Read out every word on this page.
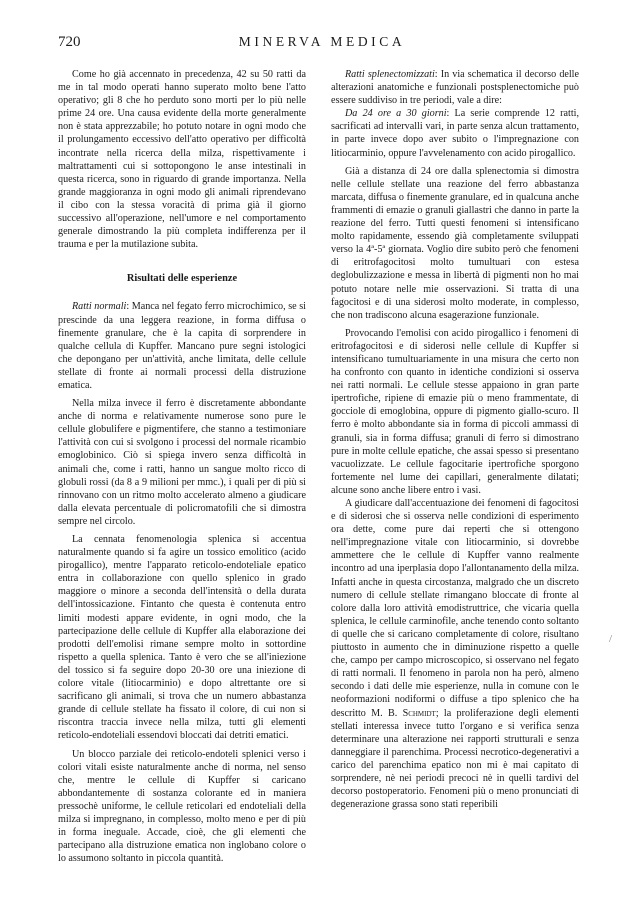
720	MINERVA MEDICA

Come ho già accennato in precedenza, 42 su 50 ratti da me in tal modo operati hanno superato molto bene l'atto operativo; gli 8 che ho perduto sono morti per lo più nelle prime 24 ore. Una causa evidente della morte generalmente non è stata apprezzabile; ho potuto notare in ogni modo che il prolungamento eccessivo dell'atto operativo per difficoltà incontrate nella ricerca della milza, rispettivamente i maltrattamenti cui si sottopongono le anse intestinali in questa ricerca, sono in riguardo di grande importanza. Nella grande maggioranza in ogni modo gli animali riprendevano il cibo con la stessa voracità di prima già il giorno successivo all'operazione, nell'umore e nel comportamento generale dimostrando la più completa indifferenza per il trauma e per la mutilazione subita.

Risultati delle esperienze

Ratti normali: Manca nel fegato ferro microchimico, se si prescinde da una leggera reazione, in forma diffusa o finemente granulare, che è la capita di sorprendere in qualche cellula di Kupffer. Mancano pure segni istologici che depongano per un'attività, anche limitata, delle cellule stellate di fronte ai normali processi della distruzione ematica.

Nella milza invece il ferro è discretamente abbondante anche di norma e relativamente numerose sono pure le cellule globulifere e pigmentifere, che stanno a testimoniare l'attività con cui si svolgono i processi del normale ricambio emoglobinico. Ciò si spiega invero senza difficoltà in animali che, come i ratti, hanno un sangue molto ricco di globuli rossi (da 8 a 9 milioni per mmc.), i quali per di più si rinnovano con un ritmo molto accelerato almeno a giudicare dalla elevata percentuale di policromatofili che si dimostra sempre nel circolo.

La cennata fenomenologia splenica si accentua naturalmente quando si fa agire un tossico emolitico (acido pirogallico), mentre l'apparato reticolo-endoteliale epatico entra in collaborazione con quello splenico in grado maggiore o minore a seconda dell'intensità o della durata dell'intossicazione. Fintanto che questa è contenuta entro limiti modesti appare evidente, in ogni modo, che la partecipazione delle cellule di Kupffer alla elaborazione dei prodotti dell'emolisi rimane sempre molto in sottordine rispetto a quella splenica. Tanto è vero che se all'iniezione del tossico si fa seguire dopo 20-30 ore una iniezione di colore vitale (litiocarminio) e dopo altrettante ore si sacrificano gli animali, si trova che un numero abbastanza grande di cellule stellate ha fissato il colore, di cui non si riscontra traccia invece nella milza, tutti gli elementi reticolo-endoteliali essendovi bloccati dai detriti ematici.

Un blocco parziale dei reticolo-endoteli splenici verso i colori vitali esiste naturalmente anche di norma, nel senso che, mentre le cellule di Kupffer si caricano abbondantemente di sostanza colorante ed in maniera pressochè uniforme, le cellule reticolari ed endoteliali della milza si impregnano, in complesso, molto meno e per di più in forma ineguale. Accade, cioè, che gli elementi che partecipano alla distruzione ematica non inglobano colore o lo assumono soltanto in piccola quantità.

Ratti splenectomizzati: In via schematica il decorso delle alterazioni anatomiche e funzionali postsplenectomiche può essere suddiviso in tre periodi, vale a dire:

Da 24 ore a 30 giorni: La serie comprende 12 ratti, sacrificati ad intervalli vari, in parte senza alcun trattamento, in parte invece dopo aver subito o l'impregnazione con litiocarminio, oppure l'avvelenamento con acido pirogallico.

Già a distanza di 24 ore dalla splenectomia si dimostra nelle cellule stellate una reazione del ferro abbastanza marcata, diffusa o finemente granulare, ed in qualcuna anche frammenti di emazie o granuli giallastri che danno in parte la reazione del ferro. Tutti questi fenomeni si intensificano molto rapidamente, essendo già completamente sviluppati verso la 4ª-5ª giornata. Voglio dire subito però che fenomeni di eritrofagocitosi molto tumultuari con estesa deglobulizzazione e messa in libertà di pigmenti non ho mai potuto notare nelle mie osservazioni. Si tratta di una fagocitosi e di una siderosi molto moderate, in complesso, che non tradiscono alcuna esagerazione funzionale.

Provocando l'emolisi con acido pirogallico i fenomeni di eritrofagocitosi e di siderosi nelle cellule di Kupffer si intensificano tumultuariamente in una misura che certo non ha confronto con quanto in identiche condizioni si osserva nei ratti normali. Le cellule stesse appaiono in gran parte ipertrofiche, ripiene di emazie più o meno frammentate, di gocciole di emoglobina, oppure di pigmento giallo-scuro. Il ferro è molto abbondante sia in forma di piccoli ammassi di granuli, sia in forma diffusa; granuli di ferro si dimostrano pure in molte cellule epatiche, che assai spesso si presentano vacuolizzate. Le cellule fagocitarie ipertrofiche sporgono fortemente nel lume dei capillari, generalmente dilatati; alcune sono anche libere entro i vasi.

A giudicare dall'accentuazione dei fenomeni di fagocitosi e di siderosi che si osserva nelle condizioni di esperimento ora dette, come pure dai reperti che si ottengono nell'impregnazione vitale con litiocarminio, si dovrebbe ammettere che le cellule di Kupffer vanno realmente incontro ad una iperplasia dopo l'allontanamento della milza. Infatti anche in questa circostanza, malgrado che un discreto numero di cellule stellate rimangano bloccate di fronte al colore dalla loro attività emodistruttrice, che vicaria quella splenica, le cellule carminofile, anche tenendo conto soltanto di quelle che si caricano completamente di colore, risultano piuttosto in aumento che in diminuzione rispetto a quelle che, campo per campo microscopico, si osservano nel fegato di ratti normali. Il fenomeno in parola non ha però, almeno secondo i dati delle mie esperienze, nulla in comune con le neoformazioni nodiformi o diffuse a tipo splenico che ha descritto M. B. Schmidt; la proliferazione degli elementi stellati interessa invece tutto l'organo e si verifica senza determinare una alterazione nei rapporti strutturali e senza danneggiare il parenchima. Processi necrotico-degenerativi a carico del parenchima epatico non mi è mai capitato di sorprendere, nè nei periodi precoci nè in quelli tardivi del decorso postoperatorio. Fenomeni più o meno pronunciati di degenerazione grassa sono stati reperibili

/
